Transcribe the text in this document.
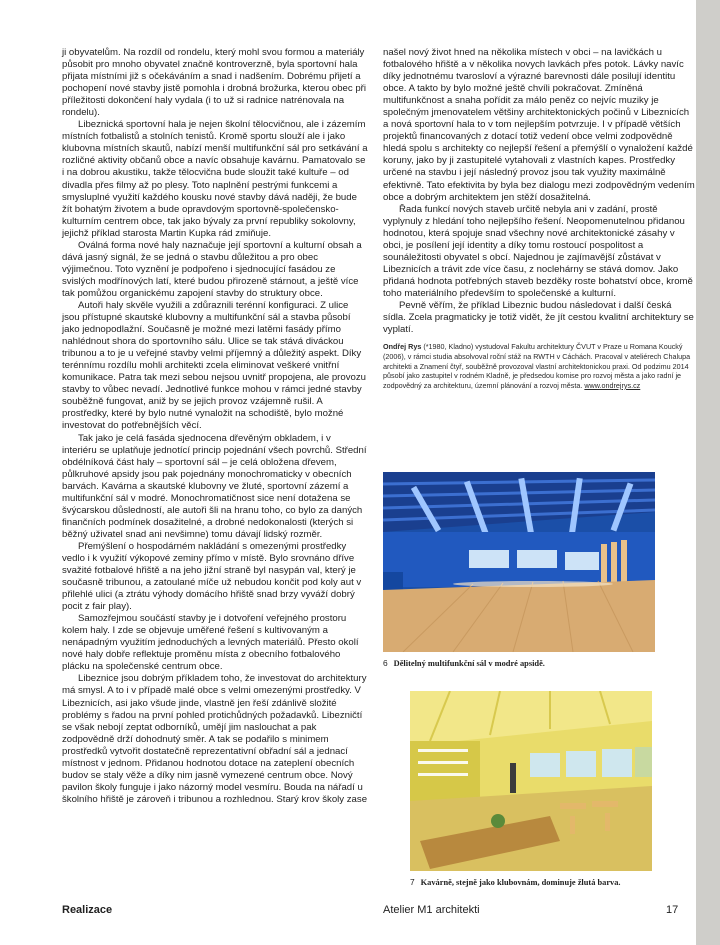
ji obyvatelům. Na rozdíl od rondelu, který mohl svou formou a materiály působit pro mnoho obyvatel značně kontroverzně, byla sportovní hala přijata místními již s očekáváním a snad i nadšením. Dobrému přijetí a pochopení nové stavby jistě pomohla i drobná brožurka, kterou obec při příležitosti dokončení haly vydala (i to už si radnice natrénovala na rondelu).

Libeznická sportovní hala je nejen školní tělocvičnou, ale i zázemím místních fotbalistů a stolních tenistů. Kromě sportu slouží ale i jako klubovna místních skautů, nabízí menší multifunkční sál pro setkávání a rozličné aktivity občanů obce a navíc obsahuje kavárnu. Pamatovalo se i na dobrou akustiku, takže tělocvična bude sloužit také kultuře – od divadla přes filmy až po plesy. Toto naplnění pestrými funkcemi a smysluplné využití každého kousku nové stavby dává naději, že bude žít bohatým životem a bude opravdovým sportovně-společensko-kulturním centrem obce, tak jako bývaly za první republiky sokolovny, jejichž příklad starosta Martin Kupka rád zmiňuje.

Oválná forma nové haly naznačuje její sportovní a kulturní obsah a dává jasný signál, že se jedná o stavbu důležitou a pro obec výjimečnou. Toto vyznění je podpořeno i sjednocující fasádou ze svislých modřínových latí, které budou přirozeně stárnout, a ještě více tak pomůžou organickému zapojení stavby do struktury obce.

Autoři haly skvěle využili a zdůraznili terénní konfiguraci. Z ulice jsou přístupné skautské klubovny a multifunkční sál a stavba působí jako jednopodlažní. Současně je možné mezi latěmi fasády přímo nahlédnout shora do sportovního sálu. Ulice se tak stává diváckou tribunou a to je u veřejné stavby velmi příjemný a důležitý aspekt. Díky terénnímu rozdílu mohli architekti zcela eliminovat veškeré vnitřní komunikace. Patra tak mezi sebou nejsou uvnitř propojena, ale provozu stavby to vůbec nevadí. Jednotlivé funkce mohou v rámci jedné stavby souběžně fungovat, aniž by se jejich provoz vzájemně rušil. A prostředky, které by bylo nutné vynaložit na schodiště, bylo možné investovat do potřebnějších věcí.

Tak jako je celá fasáda sjednocena dřevěným obkladem, i v interiéru se uplatňuje jednotící princip pojednání všech povrchů. Střední obdélníková část haly – sportovní sál – je celá obložena dřevem, půlkruhové apsidy jsou pak pojednány monochromaticky v obecních barvách. Kavárna a skautské klubovny ve žluté, sportovní zázemí a multifunkční sál v modré. Monochromatičnost sice není dotažena se švýcarskou důsledností, ale autoři šli na hranu toho, co bylo za daných finančních podmínek dosažitelné, a drobné nedokonalosti (kterých si běžný uživatel snad ani nevšimne) tomu dávají lidský rozměr.

Přemýšlení o hospodárném nakládání s omezenými prostředky vedlo i k využití výkopové zeminy přímo v místě. Bylo srovnáno dříve svažité fotbalové hřiště a na jeho jižní straně byl nasypán val, který je současně tribunou, a zatoulané míče už nebudou končit pod koly aut v přilehlé ulici (a ztrátu výhody domácího hřiště snad brzy vyváží dobrý pocit z fair play).

Samozřejmou součástí stavby je i dotvoření veřejného prostoru kolem haly. I zde se objevuje uměřené řešení s kultivovaným a nenápadným využitím jednoduchých a levných materiálů. Přesto okolí nové haly dobře reflektuje proměnu místa z obecního fotbalového plácku na společenské centrum obce.

Libeznice jsou dobrým příkladem toho, že investovat do architektury má smysl. A to i v případě malé obce s velmi omezenými prostředky. V Libeznicích, asi jako všude jinde, vlastně jen řeší zdánlivě složité problémy s řadou na první pohled protichůdných požadavků. Libezničtí se však nebojí zeptat odborníků, umějí jim naslouchat a pak zodpovědně drží dohodnutý směr. A tak se podařilo s minimem prostředků vytvořit dostatečně reprezentativní obřadní sál a jednací místnost v jednom. Přidanou hodnotou dotace na zateplení obecních budov se staly věže a díky nim jasně vymezené centrum obce. Nový pavilon školy funguje i jako názorný model vesmíru. Bouda na nářadí u školního hřiště je zároveň i tribunou a rozhlednou. Starý krov školy zase

našel nový život hned na několika místech v obci – na lavičkách u fotbalového hřiště a v několika novych lavkách přes potok. Lávky navíc díky jednotnému tvarosloví a výrazné barevnosti dále posilují identitu obce. A takto by bylo možné ještě chvíli pokračovat. Zmíněná multifunkčnost a snaha pořídit za málo peněz co nejvíc muziky je společným jmenovatelem většiny architektonických počinů v Libeznicích a nová sportovní hala to v tom nejlepším potvrzuje. I v případě větších projektů financovaných z dotací totiž vedení obce velmi zodpovědně hledá spolu s architekty co nejlepší řešení a přemýšlí o vynaložení každé koruny, jako by ji zastupitelé vytahovali z vlastních kapes. Prostředky určené na stavbu i její následný provoz jsou tak využity maximálně efektivně. Tato efektivita by byla bez dialogu mezi zodpovědným vedením obce a dobrým architektem jen stěží dosažitelná.

Řada funkcí nových staveb určitě nebyla ani v zadání, prostě vyplynuly z hledání toho nejlepšího řešení. Neopomenutelnou přidanou hodnotou, která spojuje snad všechny nové architektonické zásahy v obci, je posílení její identity a díky tomu rostoucí pospolitost a sounáležitosti obyvatel s obcí. Najednou je zajímavější zůstávat v Libeznicích a trávit zde více času, z noclehárny se stává domov. Jako přidaná hodnota potřebných staveb bezděky roste bohatství obce, kromě toho materiálního především to společenské a kulturní.

Pevně věřím, že příklad Libeznic budou následovat i další česká sídla. Zcela pragmaticky je totiž vidět, že jít cestou kvalitní architektury se vyplatí.

Ondřej Rys (*1980, Kladno) vystudoval Fakultu architektury ČVUT v Praze u Romana Koucký (2006), v rámci studia absolvoval roční stáž na RWTH v Cáchách. Pracoval v ateliérech Chalupa architekti a Znamení čtyř, souběžně provozoval vlastní architektonickou praxi. Od podzimu 2014 působí jako zastupitel v rodném Kladně, je předsedou komise pro rozvoj města a jako radní je zodpovědný za architekturu, územní plánování a rozvoj města. www.ondrejrys.cz

6 Dělitelný multifunkční sál v modré apsidě.
7 Kavárně, stejně jako klubovnám, dominuje žlutá barva.
Realizace	Atelier M1 architekti	17
